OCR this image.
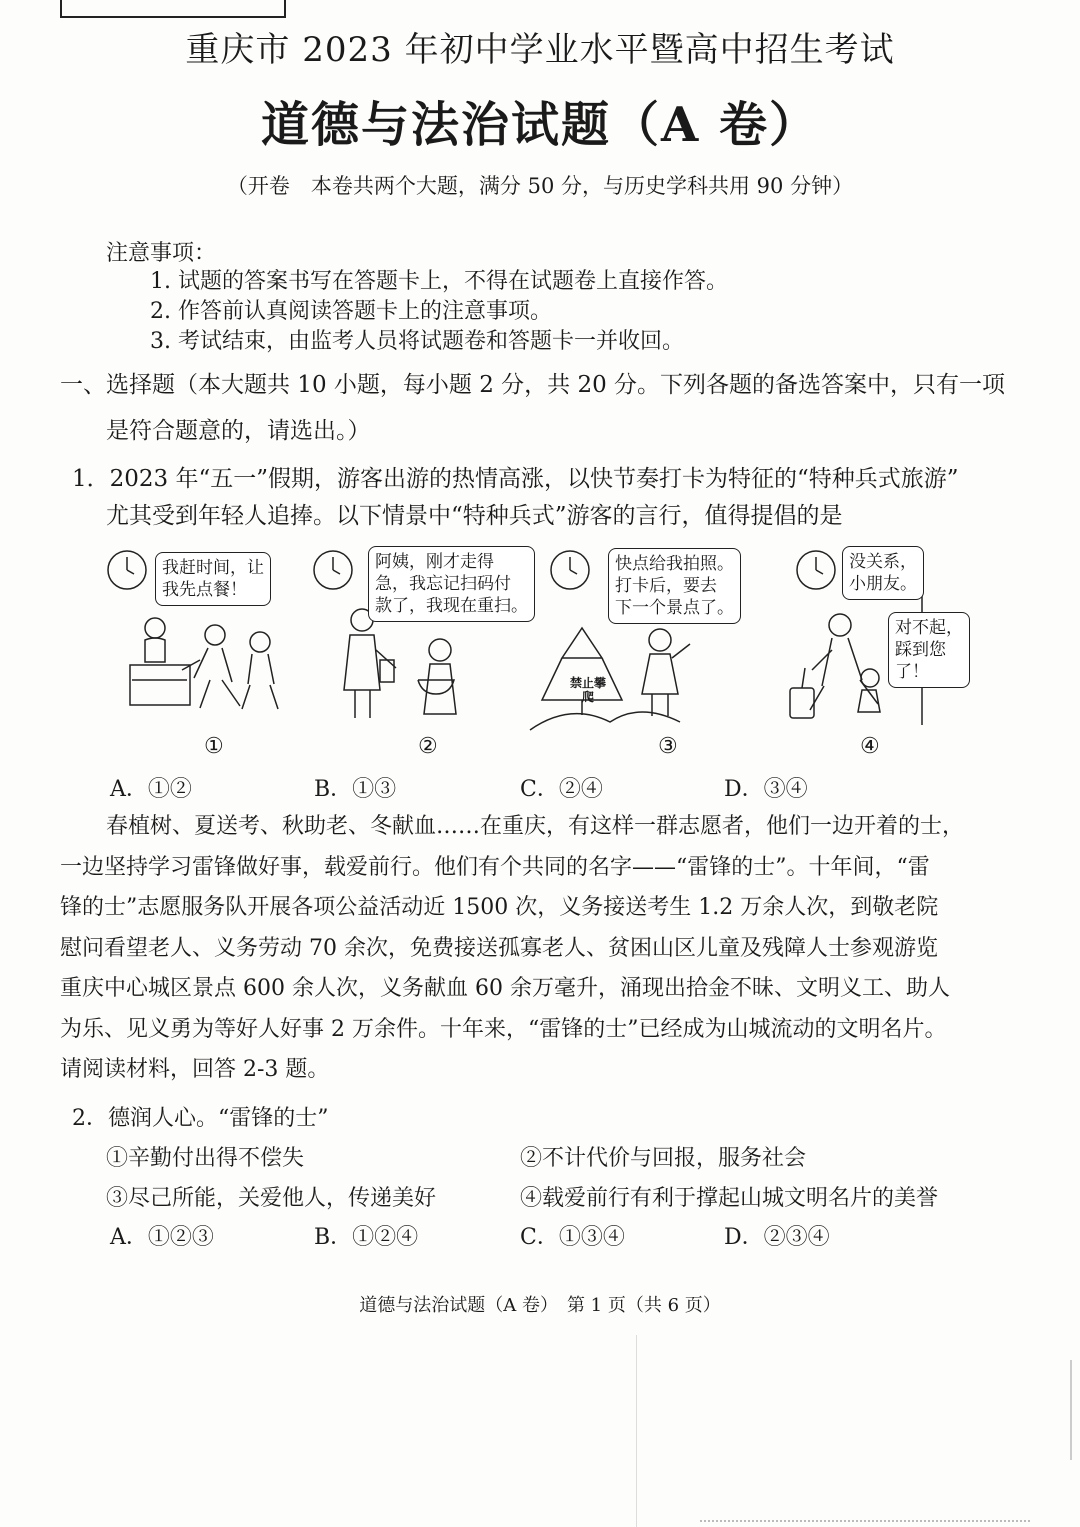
重庆市 2023 年初中学业水平暨高中招生考试
道德与法治试题（A 卷）
（开卷　本卷共两个大题，满分 50 分，与历史学科共用 90 分钟）
注意事项：
1. 试题的答案书写在答题卡上，不得在试题卷上直接作答。
2. 作答前认真阅读答题卡上的注意事项。
3. 考试结束，由监考人员将试题卷和答题卡一并收回。
一、选择题（本大题共 10 小题，每小题 2 分，共 20 分。下列各题的备选答案中，只有一项
是符合题意的，请选出。）
1．2023 年“五一”假期，游客出游的热情高涨，以快节奏打卡为特征的“特种兵式旅游”
尤其受到年轻人追捧。以下情景中“特种兵式”游客的言行，值得提倡的是
我赶时间，让
我先点餐！
阿姨，刚才走得
急，我忘记扫码付
款了，我现在重扫。
快点给我拍照。
打卡后，要去
下一个景点了。
禁止攀爬
没关系，
小朋友。
对不起，
踩到您
了！
①	②	③	④
A．①②	B．①③	C．②④	D．③④
春植树、夏送考、秋助老、冬献血……在重庆，有这样一群志愿者，他们一边开着的士，
一边坚持学习雷锋做好事，载爱前行。他们有个共同的名字——“雷锋的士”。十年间，“雷
锋的士”志愿服务队开展各项公益活动近 1500 次，义务接送考生 1.2 万余人次，到敬老院
慰问看望老人、义务劳动 70 余次，免费接送孤寡老人、贫困山区儿童及残障人士参观游览
重庆中心城区景点 600 余人次，义务献血 60 余万毫升，涌现出拾金不昧、文明义工、助人
为乐、见义勇为等好人好事 2 万余件。十年来，“雷锋的士”已经成为山城流动的文明名片。
请阅读材料，回答 2-3 题。
2．德润人心。“雷锋的士”
①辛勤付出得不偿失	②不计代价与回报，服务社会
③尽己所能，关爱他人，传递美好	④载爱前行有利于撑起山城文明名片的美誉
A．①②③	B．①②④	C．①③④	D．②③④
道德与法治试题（A 卷）　第 1 页（共 6 页）
